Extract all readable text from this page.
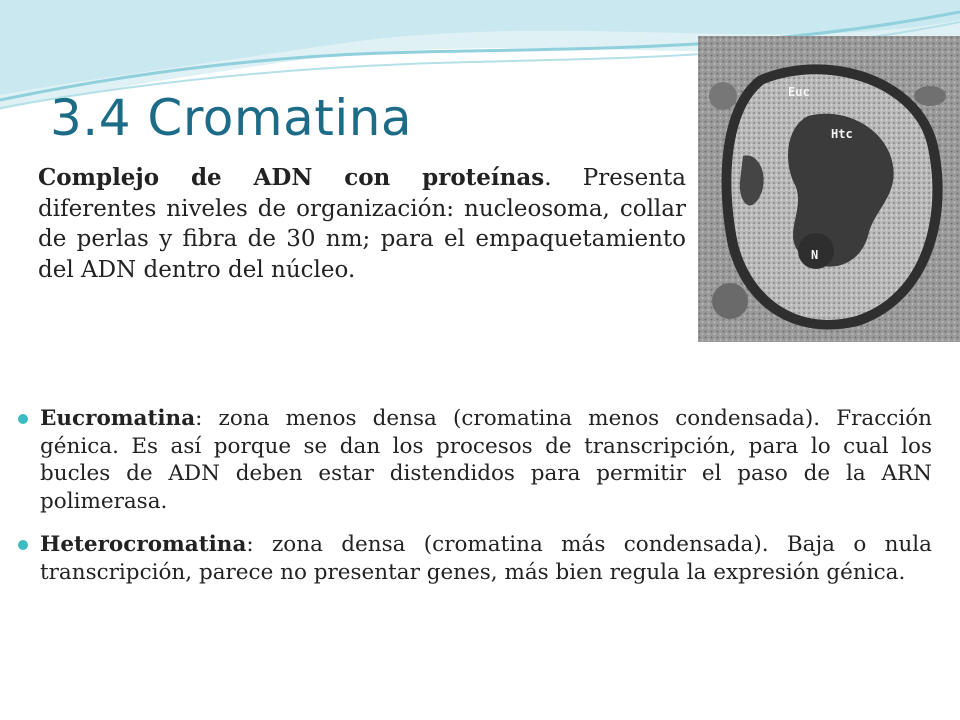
3.4 Cromatina	Euc
Htc
N

Complejo de ADN con proteínas. Presenta diferentes niveles de organización: nucleosoma, collar de perlas y fibra de 30 nm; para el empaquetamiento del ADN dentro del núcleo.

Eucromatina: zona menos densa (cromatina menos condensada). Fracción génica. Es así porque se dan los procesos de transcripción, para lo cual los bucles de ADN deben estar distendidos para permitir el paso de la ARN polimerasa.
Heterocromatina: zona densa (cromatina más condensada). Baja o nula transcripción, parece no presentar genes, más bien regula la expresión génica.
